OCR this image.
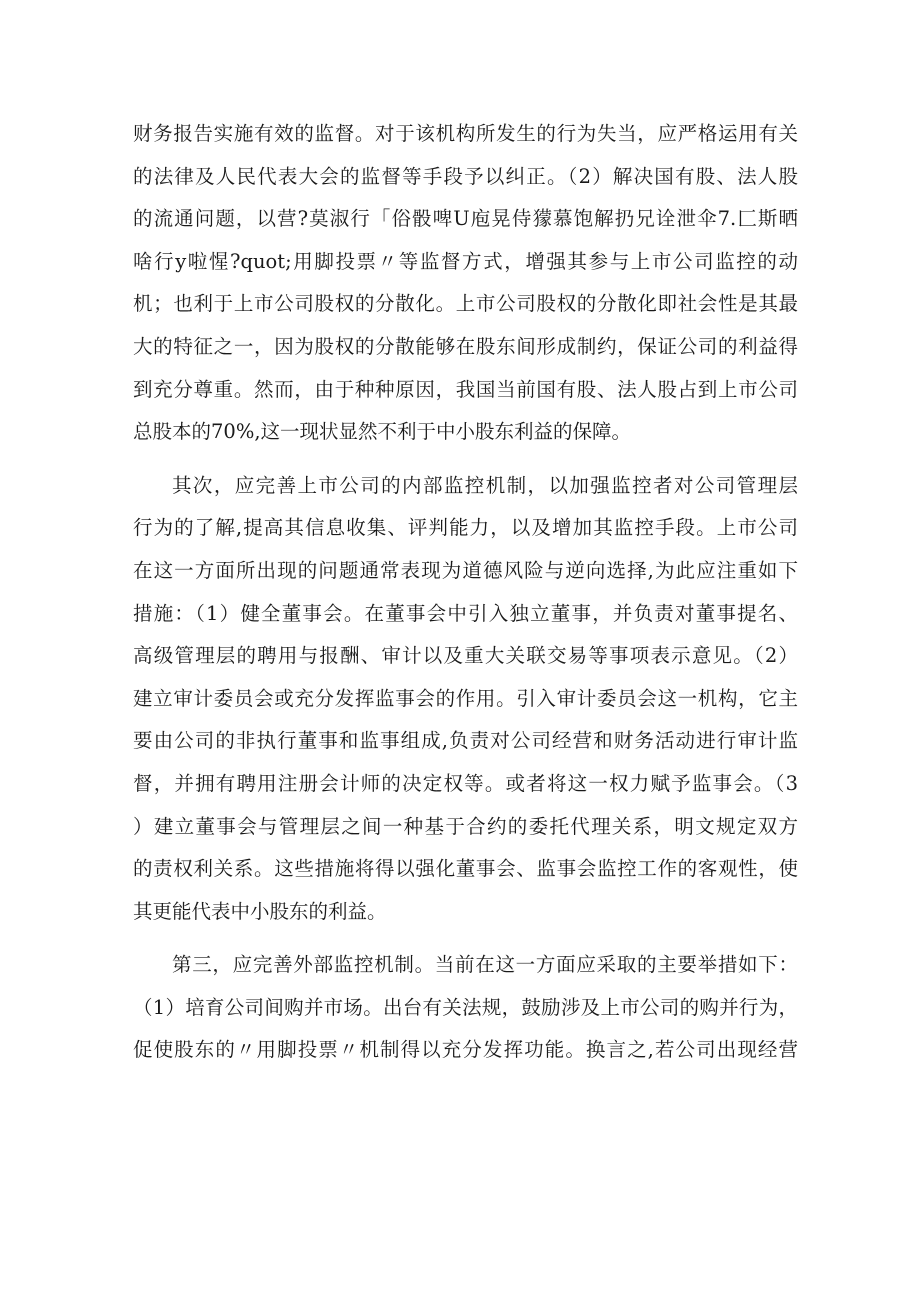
财务报告实施有效的监督。对于该机构所发生的行为失当，应严格运用有关
的法律及人民代表大会的监督等手段予以纠正。（2）解决国有股、法人股
的流通问题，以营?莫淑行「俗骰啤U庖晃侍獴慕饱解扔兄诠泄伞7.匚斯晒
啥行y啦惺?quot;用脚投票〃等监督方式，增强其参与上市公司监控的动
机；也利于上市公司股权的分散化。上市公司股权的分散化即社会性是其最
大的特征之一，因为股权的分散能够在股东间形成制约，保证公司的利益得
到充分尊重。然而，由于种种原因，我国当前国有股、法人股占到上市公司
总股本的70%,这一现状显然不利于中小股东利益的保障。
其次，应完善上市公司的内部监控机制，以加强监控者对公司管理层
行为的了解,提高其信息收集、评判能力，以及增加其监控手段。上市公司
在这一方面所出现的问题通常表现为道德风险与逆向选择,为此应注重如下
措施：（1）健全董事会。在董事会中引入独立董事，并负责对董事提名、
高级管理层的聘用与报酬、审计以及重大关联交易等事项表示意见。（2）
建立审计委员会或充分发挥监事会的作用。引入审计委员会这一机构，它主
要由公司的非执行董事和监事组成,负责对公司经营和财务活动进行审计监
督，并拥有聘用注册会计师的决定权等。或者将这一权力赋予监事会。（3
）建立董事会与管理层之间一种基于合约的委托代理关系，明文规定双方
的责权利关系。这些措施将得以强化董事会、监事会监控工作的客观性，使
其更能代表中小股东的利益。
第三，应完善外部监控机制。当前在这一方面应采取的主要举措如下：
（1）培育公司间购并市场。出台有关法规，鼓励涉及上市公司的购并行为，
促使股东的〃用脚投票〃机制得以充分发挥功能。换言之,若公司出现经营
